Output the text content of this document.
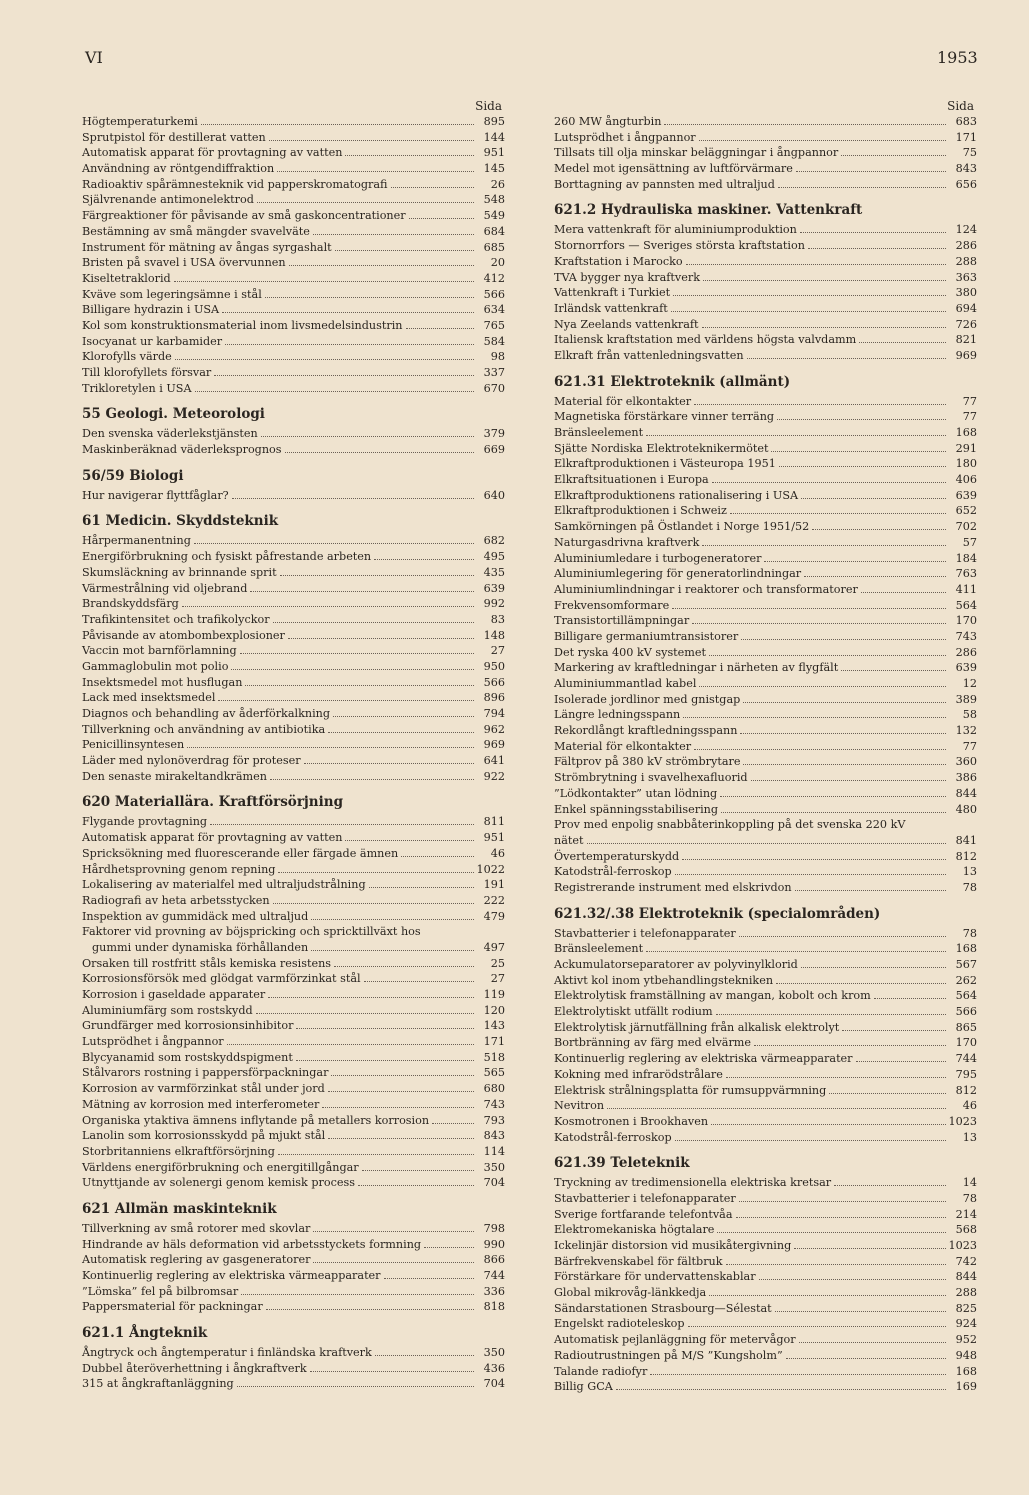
VI	1953
Sida
Högtemperaturkemi	895
Sprutpistol för destillerat vatten	144
Automatisk apparat för provtagning av vatten	951
Användning av röntgendiffraktion	145
Radioaktiv spårämnesteknik vid papperskromatografi	26
Självrenande antimonelektrod	548
Färgreaktioner för påvisande av små gaskoncentrationer	549
Bestämning av små mängder svavelväte	684
Instrument för mätning av ångas syrgashalt	685
Bristen på svavel i USA övervunnen	20
Kiseltetraklorid	412
Kväve som legeringsämne i stål	566
Billigare hydrazin i USA	634
Kol som konstruktionsmaterial inom livsmedelsindustrin	765
Isocyanat ur karbamider	584
Klorofylls värde	98
Till klorofyllets försvar	337
Trikloretylen i USA	670
55 Geologi. Meteorologi
Den svenska väderlekstjänsten	379
Maskinberäknad väderleksprognos	669
56/59 Biologi
Hur navigerar flyttfåglar?	640
61 Medicin. Skyddsteknik
Hårpermanentning	682
Energiförbrukning och fysiskt påfrestande arbeten	495
Skumsläckning av brinnande sprit	435
Värmestrålning vid oljebrand	639
Brandskyddsfärg	992
Trafikintensitet och trafikolyckor	83
Påvisande av atombombexplosioner	148
Vaccin mot barnförlamning	27
Gammaglobulin mot polio	950
Insektsmedel mot husflugan	566
Lack med insektsmedel	896
Diagnos och behandling av åderförkalkning	794
Tillverkning och användning av antibiotika	962
Penicillinsyntesen	969
Läder med nylonöverdrag för proteser	641
Den senaste mirakeltandkrämen	922
620 Materiallära. Kraftförsörjning
Flygande provtagning	811
Automatisk apparat för provtagning av vatten	951
Spricksökning med fluorescerande eller färgade ämnen	46
Hårdhetsprovning genom repning	1022
Lokalisering av materialfel med ultraljudstrålning	191
Radiografi av heta arbetsstycken	222
Inspektion av gummidäck med ultraljud	479
Faktorer vid provning av böjspricking och spricktillväxt hos
gummi under dynamiska förhållanden	497
Orsaken till rostfritt ståls kemiska resistens	25
Korrosionsförsök med glödgat varmförzinkat stål	27
Korrosion i gaseldade apparater	119
Aluminiumfärg som rostskydd	120
Grundfärger med korrosionsinhibitor	143
Lutsprödhet i ångpannor	171
Blycyanamid som rostskyddspigment	518
Stålvarors rostning i pappersförpackningar	565
Korrosion av varmförzinkat stål under jord	680
Mätning av korrosion med interferometer	743
Organiska ytaktiva ämnens inflytande på metallers korrosion	793
Lanolin som korrosionsskydd på mjukt stål	843
Storbritanniens elkraftförsörjning	114
Världens energiförbrukning och energitillgångar	350
Utnyttjande av solenergi genom kemisk process	704
621 Allmän maskinteknik
Tillverkning av små rotorer med skovlar	798
Hindrande av häls deformation vid arbetsstyckets formning	990
Automatisk reglering av gasgeneratorer	866
Kontinuerlig reglering av elektriska värmeapparater	744
”Lömska” fel på bilbromsar	336
Pappersmaterial för packningar	818
621.1 Ångteknik
Ångtryck och ångtemperatur i finländska kraftverk	350
Dubbel återöverhettning i ångkraftverk	436
315 at ångkraftanläggning	704
Sida
260 MW ångturbin	683
Lutsprödhet i ångpannor	171
Tillsats till olja minskar beläggningar i ångpannor	75
Medel mot igensättning av luftförvärmare	843
Borttagning av pannsten med ultraljud	656
621.2 Hydrauliska maskiner. Vattenkraft
Mera vattenkraft för aluminiumproduktion	124
Stornorrfors — Sveriges största kraftstation	286
Kraftstation i Marocko	288
TVA bygger nya kraftverk	363
Vattenkraft i Turkiet	380
Irländsk vattenkraft	694
Nya Zeelands vattenkraft	726
Italiensk kraftstation med världens högsta valvdamm	821
Elkraft från vattenledningsvatten	969
621.31 Elektroteknik (allmänt)
Material för elkontakter	77
Magnetiska förstärkare vinner terräng	77
Bränsleelement	168
Sjätte Nordiska Elektroteknikermötet	291
Elkraftproduktionen i Västeuropa 1951	180
Elkraftsituationen i Europa	406
Elkraftproduktionens rationalisering i USA	639
Elkraftproduktionen i Schweiz	652
Samkörningen på Östlandet i Norge 1951/52	702
Naturgasdrivna kraftverk	57
Aluminiumledare i turbogeneratorer	184
Aluminiumlegering för generatorlindningar	763
Aluminiumlindningar i reaktorer och transformatorer	411
Frekvensomformare	564
Transistortillämpningar	170
Billigare germaniumtransistorer	743
Det ryska 400 kV systemet	286
Markering av kraftledningar i närheten av flygfält	639
Aluminiummantlad kabel	12
Isolerade jordlinor med gnistgap	389
Längre ledningsspann	58
Rekordlångt kraftledningsspann	132
Material för elkontakter	77
Fältprov på 380 kV strömbrytare	360
Strömbrytning i svavelhexafluorid	386
”Lödkontakter” utan lödning	844
Enkel spänningsstabilisering	480
Prov med enpolig snabbåterinkoppling på det svenska 220 kV
nätet	841
Övertemperaturskydd	812
Katodstrål-ferroskop	13
Registrerande instrument med elskrivdon	78
621.32/.38 Elektroteknik (specialområden)
Stavbatterier i telefonapparater	78
Bränsleelement	168
Ackumulatorseparatorer av polyvinylklorid	567
Aktivt kol inom ytbehandlingstekniken	262
Elektrolytisk framställning av mangan, kobolt och krom	564
Elektrolytiskt utfällt rodium	566
Elektrolytisk järnutfällning från alkalisk elektrolyt	865
Bortbränning av färg med elvärme	170
Kontinuerlig reglering av elektriska värmeapparater	744
Kokning med infrarödstrålare	795
Elektrisk strålningsplatta för rumsuppvärmning	812
Nevitron	46
Kosmotronen i Brookhaven	1023
Katodstrål-ferroskop	13
621.39 Teleteknik
Tryckning av tredimensionella elektriska kretsar	14
Stavbatterier i telefonapparater	78
Sverige fortfarande telefontvåa	214
Elektromekaniska högtalare	568
Ickelinjär distorsion vid musikåtergivning	1023
Bärfrekvenskabel för fältbruk	742
Förstärkare för undervattenskablar	844
Global mikrovåg-länkkedja	288
Sändarstationen Strasbourg—Sélestat	825
Engelskt radioteleskop	924
Automatisk pejlanläggning för metervågor	952
Radioutrustningen på M/S ”Kungsholm”	948
Talande radiofyr	168
Billig GCA	169
